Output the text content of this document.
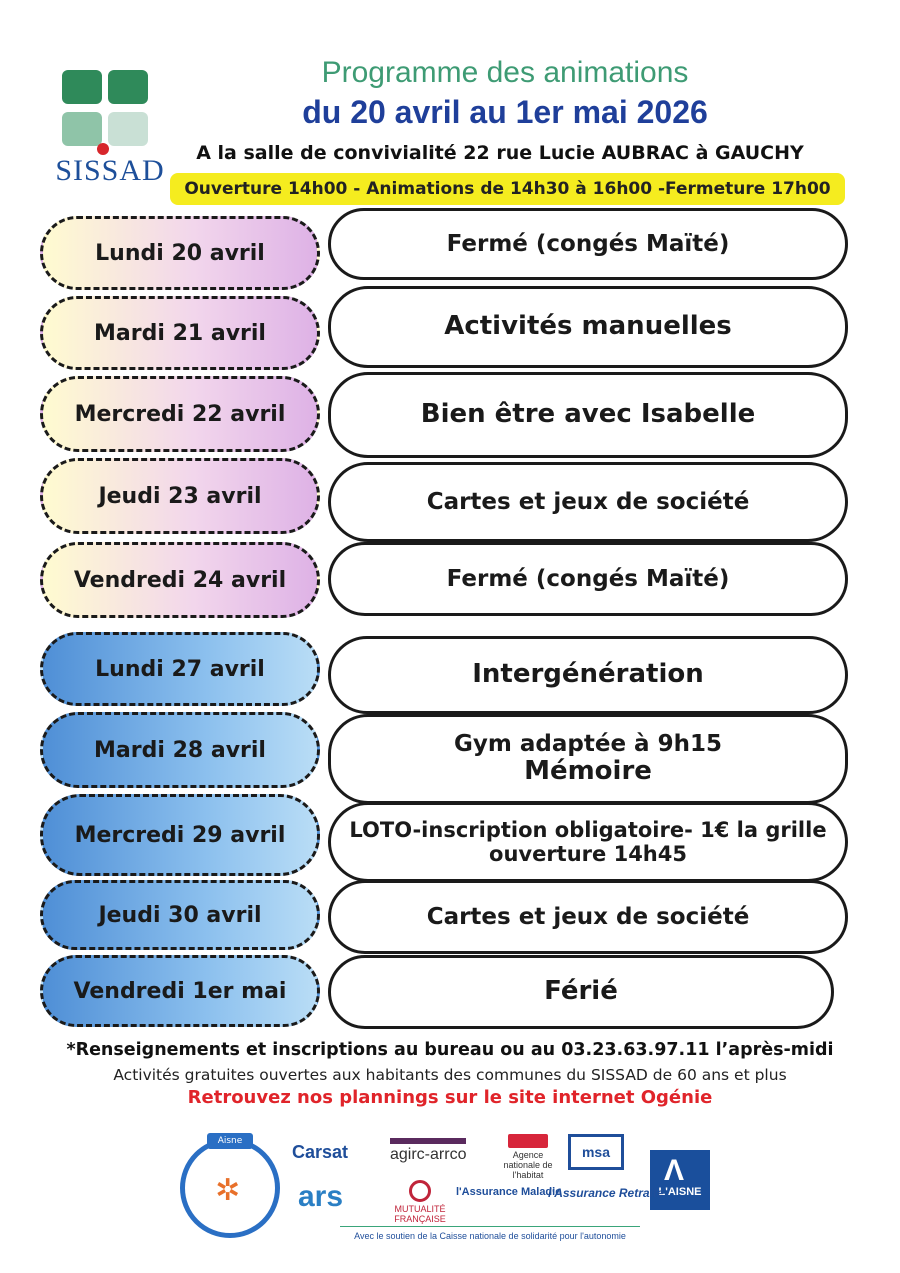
SISSAD
Programme des animations
du 20 avril au 1er mai 2026
A la salle de convivialité 22 rue Lucie AUBRAC à GAUCHY
Ouverture 14h00 - Animations de 14h30 à 16h00 -Fermeture 17h00
Lundi 20 avril	Fermé (congés Maïté)
Mardi 21 avril	Activités manuelles
Mercredi 22 avril	Bien être avec Isabelle
Jeudi 23 avril	Cartes et jeux de société
Vendredi 24 avril	Fermé (congés Maïté)
Lundi 27 avril	Intergénération
Mardi 28 avril	Gym adaptée à 9h15
Mémoire
Mercredi 29 avril	LOTO-inscription obligatoire- 1€ la grille
ouverture 14h45
Jeudi 30 avril	Cartes et jeux de société
Vendredi 1er mai	Férié
*Renseignements et inscriptions au bureau ou au 03.23.63.97.11 l’après-midi
Activités gratuites ouvertes aux habitants des communes du SISSAD de 60 ans et plus
Retrouvez nos plannings sur le site internet Ogénie
Aisne
✲
Carsat	agirc-arrco	Agence nationale de l'habitat
msa
Λ
L'AISNE
ars	MUTUALITÉ FRANÇAISE
l'Assurance Maladie
l'Assurance Retraite
Avec le soutien de la Caisse nationale de solidarité pour l'autonomie
